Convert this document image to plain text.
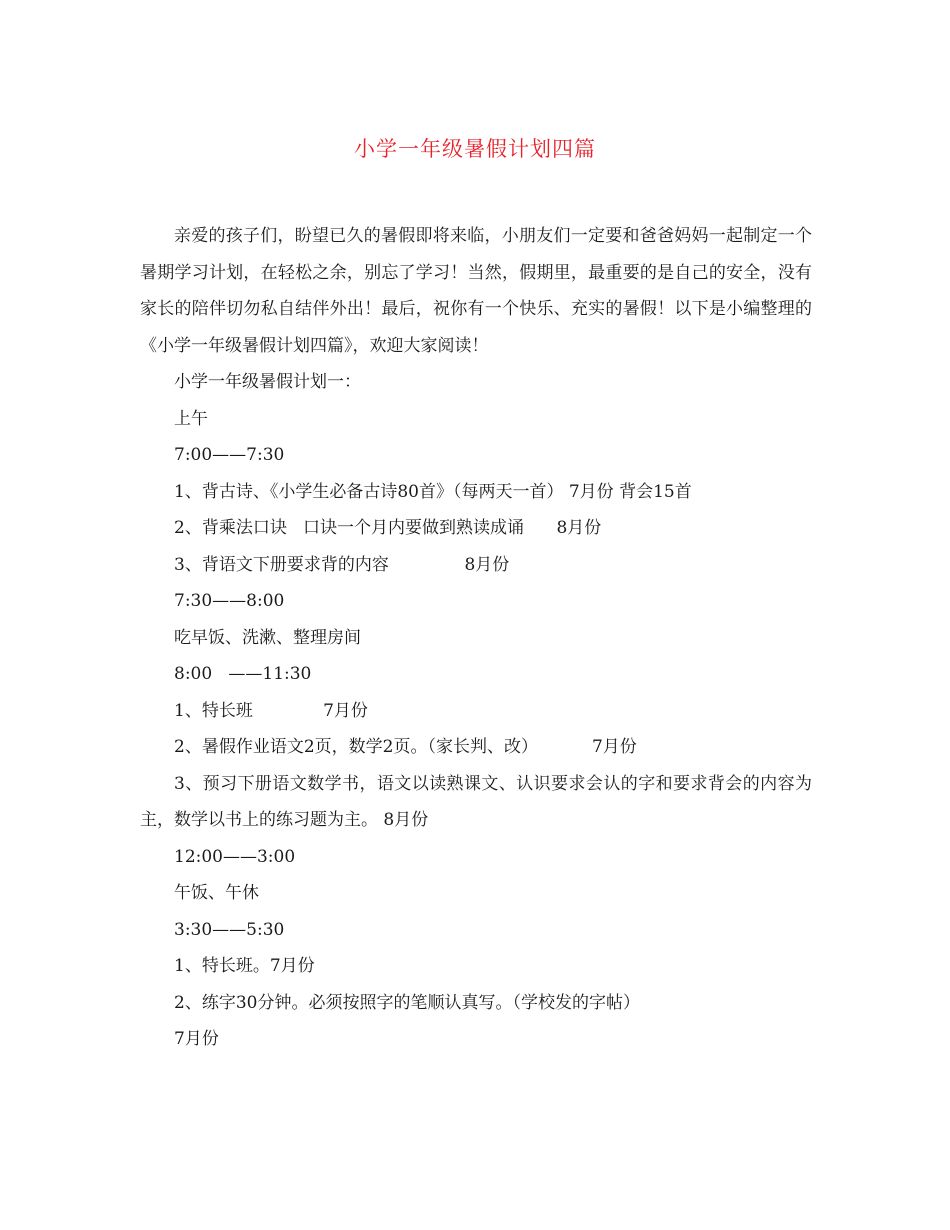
小学一年级暑假计划四篇

亲爱的孩子们，盼望已久的暑假即将来临，小朋友们一定要和爸爸妈妈一起制定一个暑期学习计划，在轻松之余，别忘了学习！当然，假期里，最重要的是自己的安全，没有家长的陪伴切勿私自结伴外出！最后，祝你有一个快乐、充实的暑假！以下是小编整理的《小学一年级暑假计划四篇》，欢迎大家阅读！

小学一年级暑假计划一：

上午

7:00——7:30

1、背古诗、《小学生必备古诗80首》（每两天一首） 7月份 背会15首

2、背乘法口诀   口诀一个月内要做到熟读成诵      8月份

3、背语文下册要求背的内容              8月份

7:30——8:00

吃早饭、洗漱、整理房间

8:00   ——11:30

1、特长班             7月份

2、暑假作业语文2页，数学2页。（家长判、改）          7月份

3、预习下册语文数学书，语文以读熟课文、认识要求会认的字和要求背会的内容为主，数学以书上的练习题为主。 8月份

12:00——3:00

午饭、午休

3:30——5:30

1、特长班。7月份

2、练字30分钟。必须按照字的笔顺认真写。（学校发的字帖）

7月份
